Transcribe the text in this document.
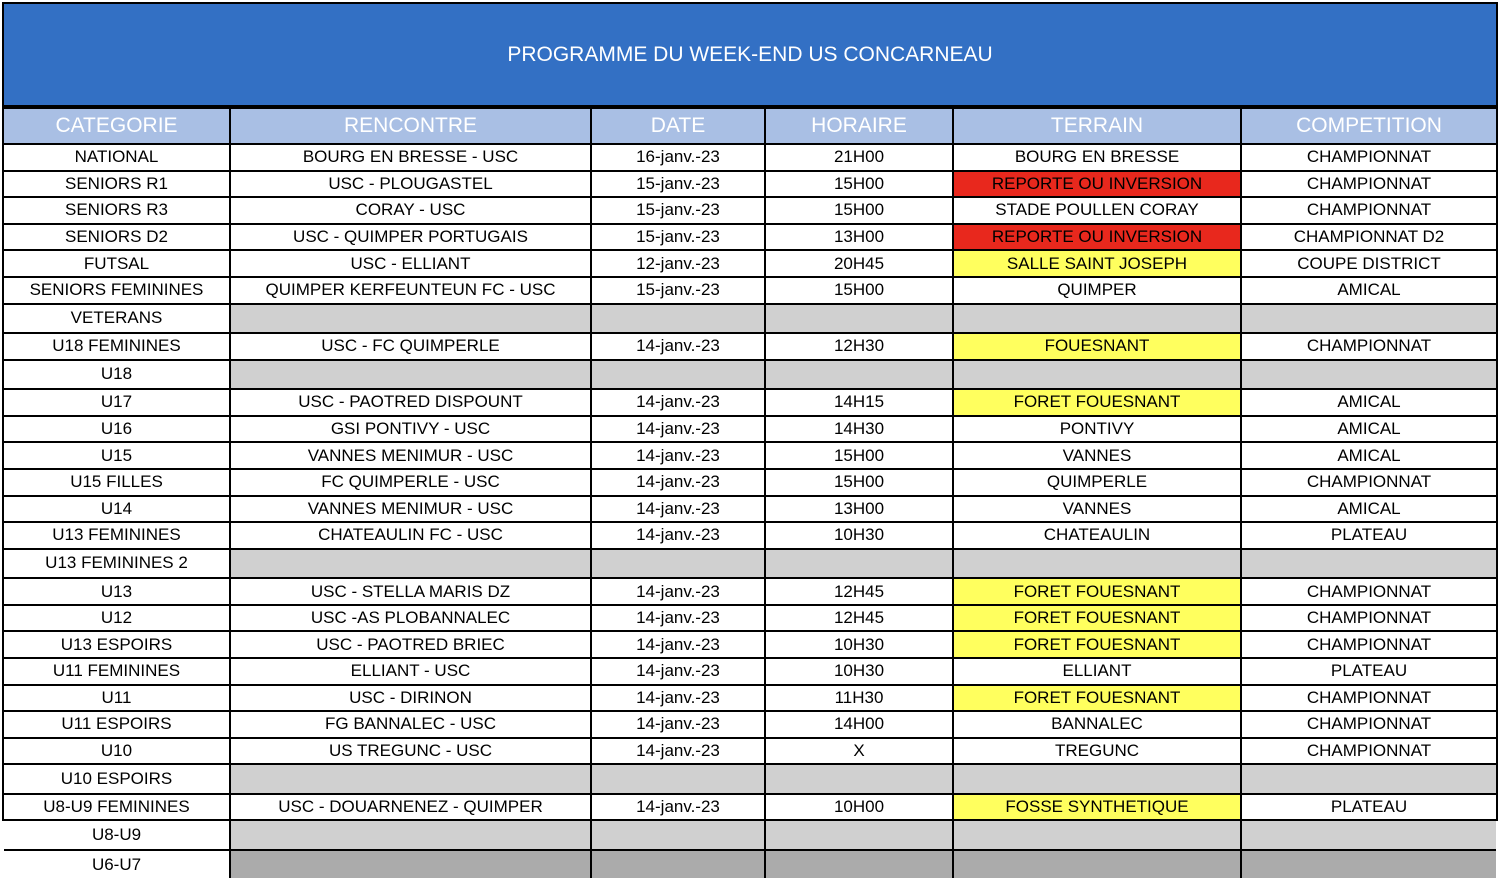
PROGRAMME DU WEEK-END US CONCARNEAU
CATEGORIE	RENCONTRE	DATE	HORAIRE	TERRAIN	COMPETITION
NATIONAL	BOURG EN BRESSE - USC	16-janv.-23	21H00	BOURG EN BRESSE	CHAMPIONNAT
SENIORS R1	USC - PLOUGASTEL	15-janv.-23	15H00	REPORTE OU INVERSION	CHAMPIONNAT
SENIORS R3	CORAY - USC	15-janv.-23	15H00	STADE POULLEN CORAY	CHAMPIONNAT
SENIORS D2	USC - QUIMPER PORTUGAIS	15-janv.-23	13H00	REPORTE OU INVERSION	CHAMPIONNAT D2
FUTSAL	USC - ELLIANT	12-janv.-23	20H45	SALLE SAINT JOSEPH	COUPE DISTRICT
SENIORS FEMININES	QUIMPER KERFEUNTEUN FC - USC	15-janv.-23	15H00	QUIMPER	AMICAL
VETERANS					
U18 FEMININES	USC - FC QUIMPERLE	14-janv.-23	12H30	FOUESNANT	CHAMPIONNAT
U18					
U17	USC - PAOTRED DISPOUNT	14-janv.-23	14H15	FORET FOUESNANT	AMICAL
U16	GSI PONTIVY - USC	14-janv.-23	14H30	PONTIVY	AMICAL
U15	VANNES MENIMUR - USC	14-janv.-23	15H00	VANNES	AMICAL
U15 FILLES	FC QUIMPERLE - USC	14-janv.-23	15H00	QUIMPERLE	CHAMPIONNAT
U14	VANNES MENIMUR - USC	14-janv.-23	13H00	VANNES	AMICAL
U13 FEMININES	CHATEAULIN FC - USC	14-janv.-23	10H30	CHATEAULIN	PLATEAU
U13 FEMININES 2					
U13	USC - STELLA MARIS DZ	14-janv.-23	12H45	FORET FOUESNANT	CHAMPIONNAT
U12	USC -AS PLOBANNALEC	14-janv.-23	12H45	FORET FOUESNANT	CHAMPIONNAT
U13 ESPOIRS	USC - PAOTRED BRIEC	14-janv.-23	10H30	FORET FOUESNANT	CHAMPIONNAT
U11 FEMININES	ELLIANT - USC	14-janv.-23	10H30	ELLIANT	PLATEAU
U11	USC - DIRINON	14-janv.-23	11H30	FORET FOUESNANT	CHAMPIONNAT
U11 ESPOIRS	FG BANNALEC - USC	14-janv.-23	14H00	BANNALEC	CHAMPIONNAT
U10	US TREGUNC - USC	14-janv.-23	X	TREGUNC	CHAMPIONNAT
U10 ESPOIRS					
U8-U9 FEMININES	USC - DOUARNENEZ - QUIMPER	14-janv.-23	10H00	FOSSE SYNTHETIQUE	PLATEAU
U8-U9					
U6-U7					
